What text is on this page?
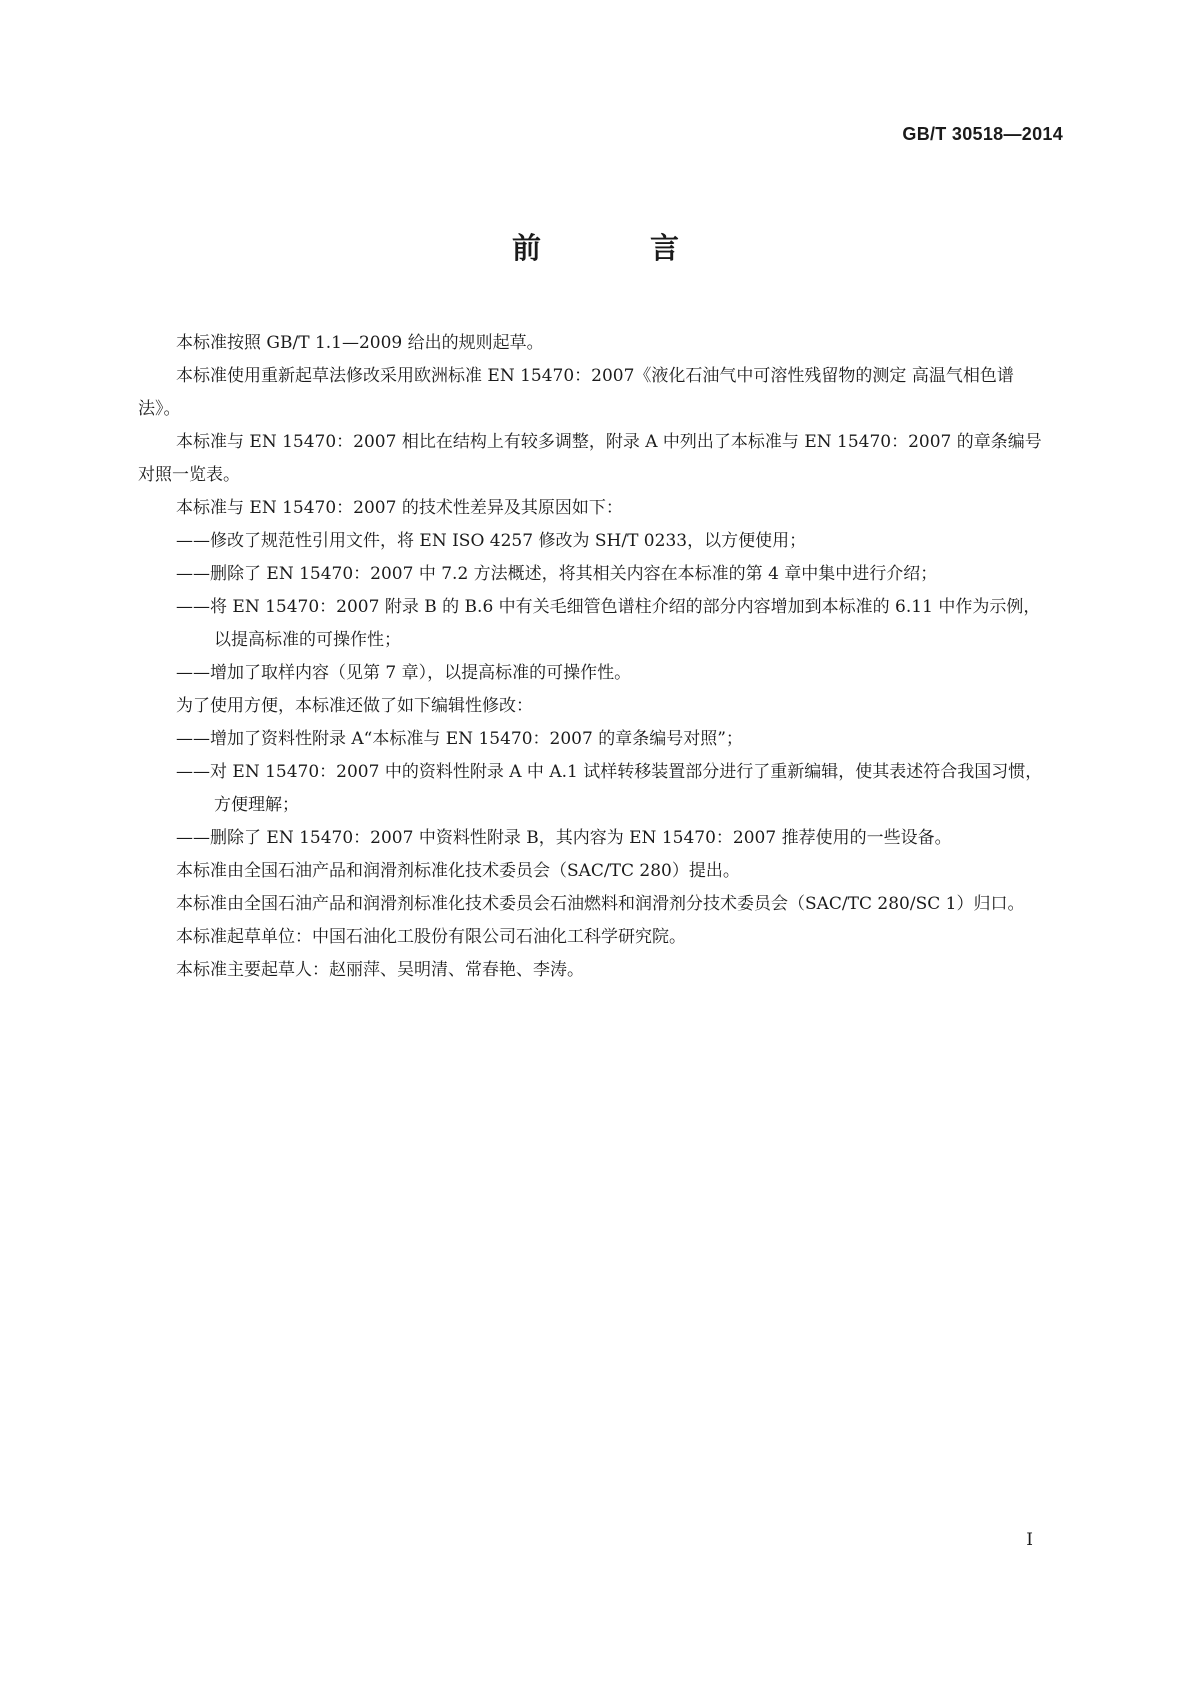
GB/T 30518—2014
前　言

本标准按照 GB/T 1.1—2009 给出的规则起草。

本标准使用重新起草法修改采用欧洲标准 EN 15470：2007《液化石油气中可溶性残留物的测定 高温气相色谱法》。

本标准与 EN 15470：2007 相比在结构上有较多调整，附录 A 中列出了本标准与 EN 15470：2007 的章条编号对照一览表。

本标准与 EN 15470：2007 的技术性差异及其原因如下：

——修改了规范性引用文件，将 EN ISO 4257 修改为 SH/T 0233，以方便使用；

——删除了 EN 15470：2007 中 7.2 方法概述，将其相关内容在本标准的第 4 章中集中进行介绍；

——将 EN 15470：2007 附录 B 的 B.6 中有关毛细管色谱柱介绍的部分内容增加到本标准的 6.11 中作为示例，以提高标准的可操作性；

——增加了取样内容（见第 7 章），以提高标准的可操作性。

为了使用方便，本标准还做了如下编辑性修改：

——增加了资料性附录 A“本标准与 EN 15470：2007 的章条编号对照”；

——对 EN 15470：2007 中的资料性附录 A 中 A.1 试样转移装置部分进行了重新编辑，使其表述符合我国习惯，方便理解；

——删除了 EN 15470：2007 中资料性附录 B，其内容为 EN 15470：2007 推荐使用的一些设备。

本标准由全国石油产品和润滑剂标准化技术委员会（SAC/TC 280）提出。

本标准由全国石油产品和润滑剂标准化技术委员会石油燃料和润滑剂分技术委员会（SAC/TC 280/SC 1）归口。

本标准起草单位：中国石油化工股份有限公司石油化工科学研究院。

本标准主要起草人：赵丽萍、吴明清、常春艳、李涛。

I
